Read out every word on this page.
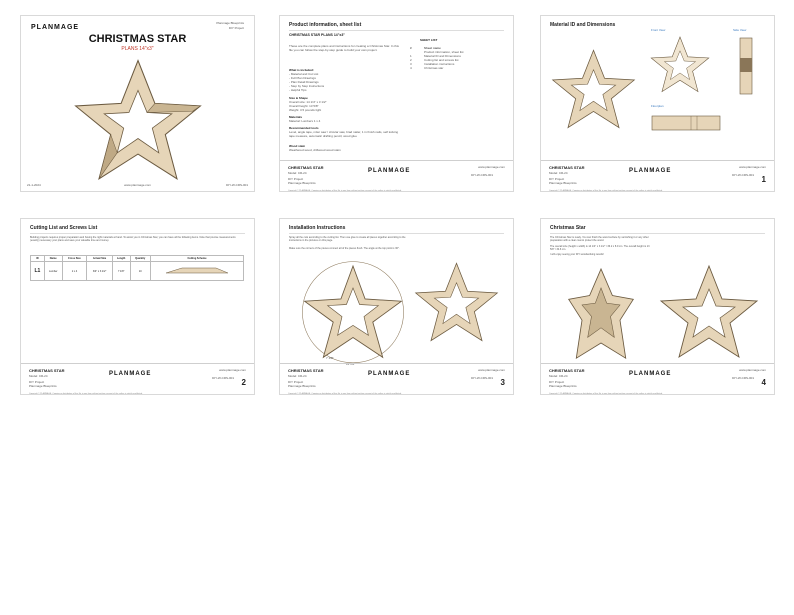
PLANMAGE
Planmage Blueprints
DIY Project
CHRISTMAS STAR
PLANS 14"x3"
21-1-2024	www.planmage.com	DIY-W-CRS-001
Product information, sheet list
CHRISTMAS STAR PLANS 14"x3"
These are the complete plans and instructions for creating a Christmas Star. In this file you can follow the step-by-step guide to build your own project.
What is included:
- Material and Cut List
- Full Plan Drawings
- Plan Detail Drawings
- Step by Step Instructions
- Helpful Tips
Size & Shape
Overall size: 14 1/4" x 3 1/2"
Overall height: 13 5/8"
Weight: 3.5 pounds light
Materials
Material: Lumbers 1 x 4
Recommended tools
Level, angle tape, miter saw / circular saw, brad nailer, 1 in finish nails, self locking tape measure, automatic drafting pencil, wood glue
Wood stain
Weathered wood, driftwood wood stain
SHEET LIST
#	Sheet name
Product information, sheet list
1	Material ID and Dimensions
2	Cutting list and screws list
3	Installation instructions
4	Christmas star
CHRISTMAS STAR
Model: CR-24
DIY Project
Planmage Blueprints
PLANMAGE
www.planmage.com
DIY-W-CRS-001
Copyright © PLANMAGE. Copying or distributing of this file in any form without written consent of the author is strictly prohibited.
Material ID and Dimensions
Front View	Side View
Floorplan
CHRISTMAS STAR
Model: CR-24
DIY Project
Planmage Blueprints
PLANMAGE
www.planmage.com
DIY-W-CRS-001 1
Copyright © PLANMAGE. Copying or distributing of this file in any form without written consent of the author is strictly prohibited.
Cutting List and Screws List
Building projects requires proper preparation and having the right materials at hand. To assist you in Christmas Star, you can have all the following items. Note that precise measurements (exactly) necessary your plans and save your valuable time and money.
ID	Name	Cross Size	Actual Size	Length	Quantity	Cutting Scheme
L1	Lumber	1 x 4	3/4" x 3 1/2"	7 1/8"	10	
CHRISTMAS STAR
Model: CR-24
DIY Project
Planmage Blueprints
PLANMAGE
www.planmage.com
DIY-W-CRS-001 2
Copyright © PLANMAGE. Copying or distributing of this file in any form without written consent of the author is strictly prohibited.
Installation Instructions
Spray all the cuts according to the cutting list. Then use glue to create all pieces together according to the instructions in the pictures on this page.
Make sure the corners of the pieces connect all of the pieces flush. The angle at the top point is 36°.
7 1/8"
14 1/4"
CHRISTMAS STAR
Model: CR-24
DIY Project
Planmage Blueprints
PLANMAGE
www.planmage.com
DIY-W-CRS-001 3
Copyright © PLANMAGE. Copying or distributing of this file in any form without written consent of the author is strictly prohibited.
Christmas Star
The Christmas Star is ready. You can finish the wood surface by varnishing it or any other preparation with a clear coat to protect the wood.
The overall size (height x width) is 14 1/4" x 3 1/2" / 36.2 x 8.9 cm. The overall height is 13 5/8" / 34.6 cm.
I will enjoy seeing your DIY woodworking results!
CHRISTMAS STAR
Model: CR-24
DIY Project
Planmage Blueprints
PLANMAGE
www.planmage.com
DIY-W-CRS-001 4
Copyright © PLANMAGE. Copying or distributing of this file in any form without written consent of the author is strictly prohibited.
